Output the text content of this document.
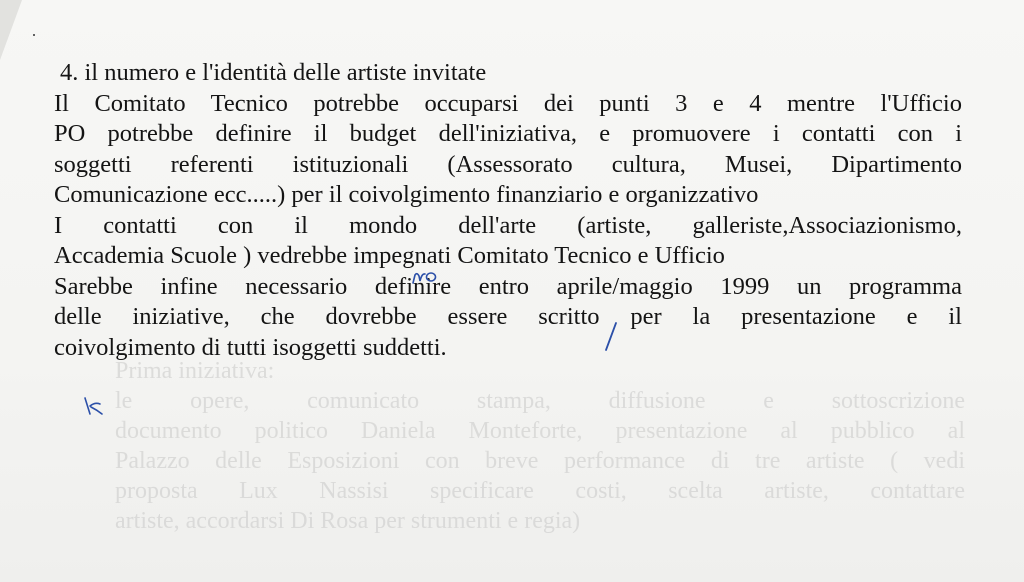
Prima iniziativa:
le opere, comunicato stampa, diffusione e sottoscrizione
documento politico Daniela Monteforte, presentazione al pubblico al
Palazzo delle Esposizioni con breve performance di tre artiste ( vedi
proposta Lux Nassisi specificare costi, scelta artiste, contattare
artiste, accordarsi Di Rosa per strumenti e regia)
4. il numero e l'identità delle artiste invitate
Il Comitato Tecnico potrebbe occuparsi dei punti 3 e 4 mentre l'Ufficio
PO potrebbe definire il budget dell'iniziativa, e promuovere i contatti con i
soggetti referenti istituzionali (Assessorato cultura, Musei, Dipartimento
Comunicazione ecc.....) per il coivolgimento finanziario e organizzativo
I contatti con il mondo dell'arte (artiste, galleriste,Associazionismo,
Accademia Scuole ) vedrebbe impegnati Comitato Tecnico e Ufficio
Sarebbe infine necessario definire entro aprile/maggio 1999 un programma
delle iniziative, che dovrebbe essere scritto per la presentazione e il
coivolgimento di tutti isoggetti suddetti.
